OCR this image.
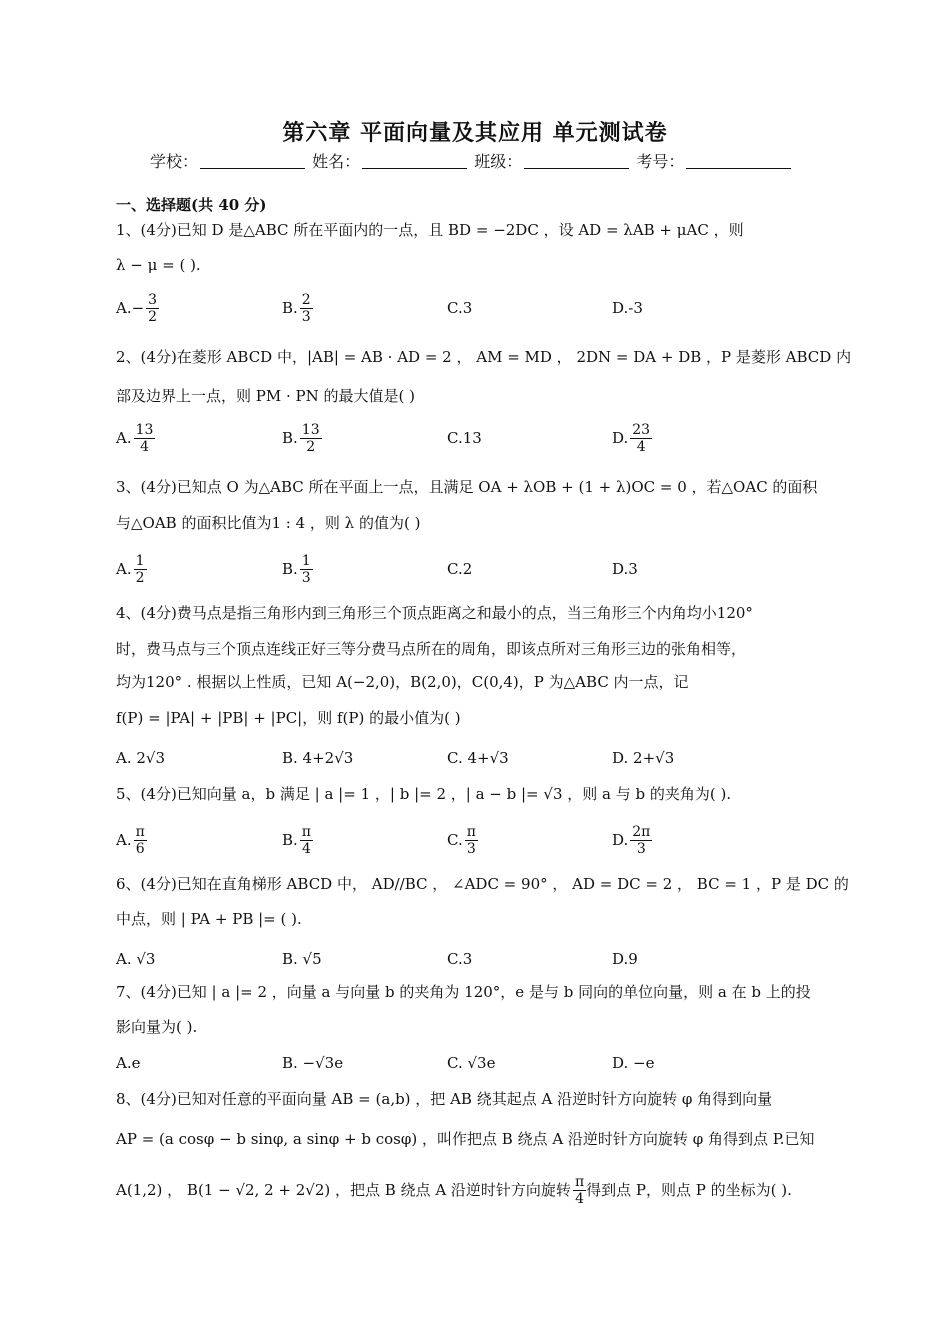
第六章 平面向量及其应用 单元测试卷
学校：	姓名：	班级：	考号：
一、选择题(共 40 分)
1、(4分)已知 D 是△ABC 所在平面内的一点，且 BD = −2DC ，设 AD = λAB + μAC ，则
λ − μ = ( ).
$A.- \frac{3}{2}$	B. $\frac{2}{3}$	C.3	D.-3
2、(4分)在菱形 ABCD 中，|AB| = AB · AD = 2 ， AM = MD ， 2DN = DA + DB ，P 是菱形 ABCD 内
部及边界上一点，则 PM · PN 的最大值是( )
A. $\frac{13}{4}$	B. $\frac{13}{2}$	C.13	D. $\frac{23}{4}$
3、(4分)已知点 O 为△ABC 所在平面上一点，且满足 OA + λOB + (1 + λ)OC = 0 ，若△OAC 的面积
与△OAB 的面积比值为1 : 4 ，则 λ 的值为( )
A. $\frac{1}{2}$	B. $\frac{1}{3}$	C.2	D.3
4、(4分)费马点是指三角形内到三角形三个顶点距离之和最小的点，当三角形三个内角均小120°
时，费马点与三个顶点连线正好三等分费马点所在的周角，即该点所对三角形三边的张角相等，
均为120° . 根据以上性质，已知 A(−2,0)，B(2,0)，C(0,4)，P 为△ABC 内一点，记
f(P) = |PA| + |PB| + |PC|，则 f(P) 的最小值为( )
A. 2√3	B. 4+2√3	C. 4+√3	D. 2+√3
5、(4分)已知向量 a，b 满足 | a |= 1 ，| b |= 2 ，| a − b |= √3 ，则 a 与 b 的夹角为( ).
A. $\frac{\pi}{6}$	B. $\frac{\pi}{4}$	C. $\frac{\pi}{3}$	D. $\frac{2\pi}{3}$
6、(4分)已知在直角梯形 ABCD 中， AD//BC ， ∠ADC = 90° ， AD = DC = 2 ， BC = 1 ，P 是 DC 的
中点，则 | PA + PB |= ( ).
A. √3	B. √5	C.3	D.9
7、(4分)已知 | a |= 2 ，向量 a 与向量 b 的夹角为 120°，e 是与 b 同向的单位向量，则 a 在 b 上的投
影向量为( ).
A.e	B. −√3e	C. √3e	D. −e
8、(4分)已知对任意的平面向量 AB = (a,b) ，把 AB 绕其起点 A 沿逆时针方向旋转 φ 角得到向量
AP = (a cosφ − b sinφ, a sinφ + b cosφ) ，叫作把点 B 绕点 A 沿逆时针方向旋转 φ 角得到点 P.已知
A(1,2) ， B(1 − √2, 2 + 2√2) ，把点 B 绕点 A 沿逆时针方向旋转 $\frac{\pi}{4}$ 得到点 P，则点 P 的坐标为( ).
